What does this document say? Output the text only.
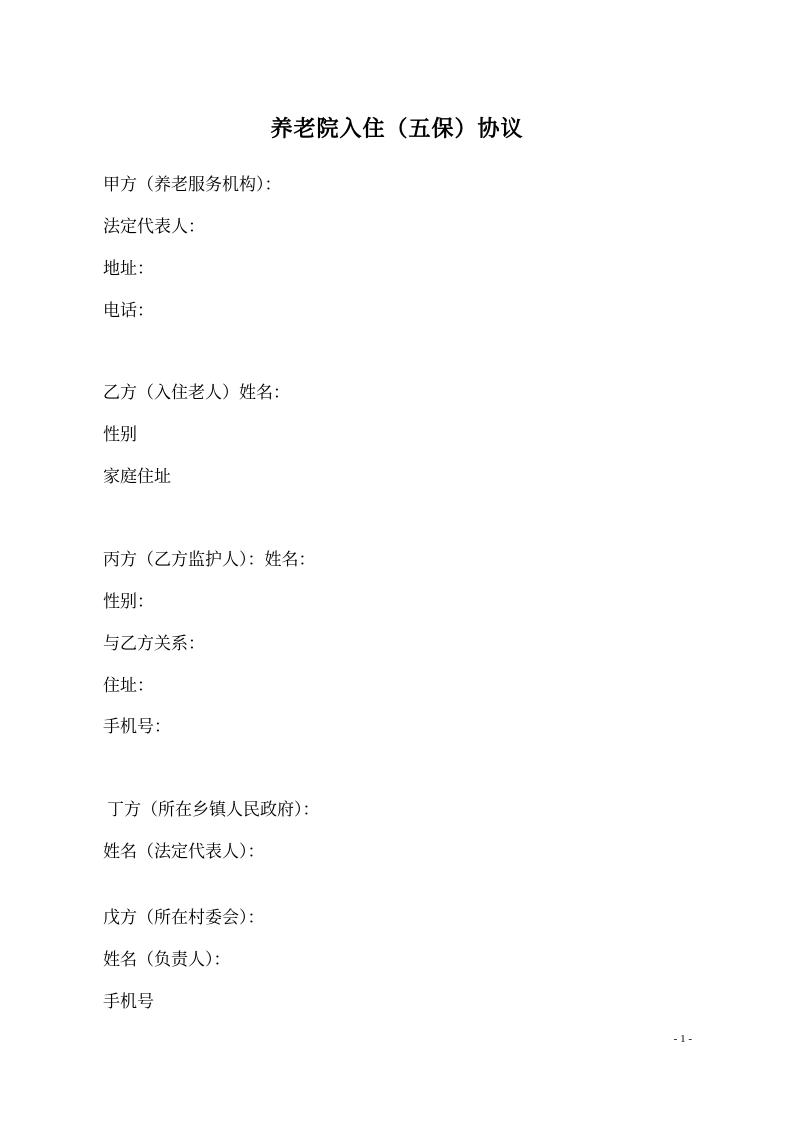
养老院入住（五保）协议
甲方（养老服务机构）：
法定代表人：
地址：
电话：
乙方（入住老人）姓名：
性别
家庭住址
丙方（乙方监护人）：姓名：
性别：
与乙方关系：
住址：
手机号：
丁方（所在乡镇人民政府）：
姓名（法定代表人）：
戊方（所在村委会）：
姓名（负责人）：
手机号
- 1 -
